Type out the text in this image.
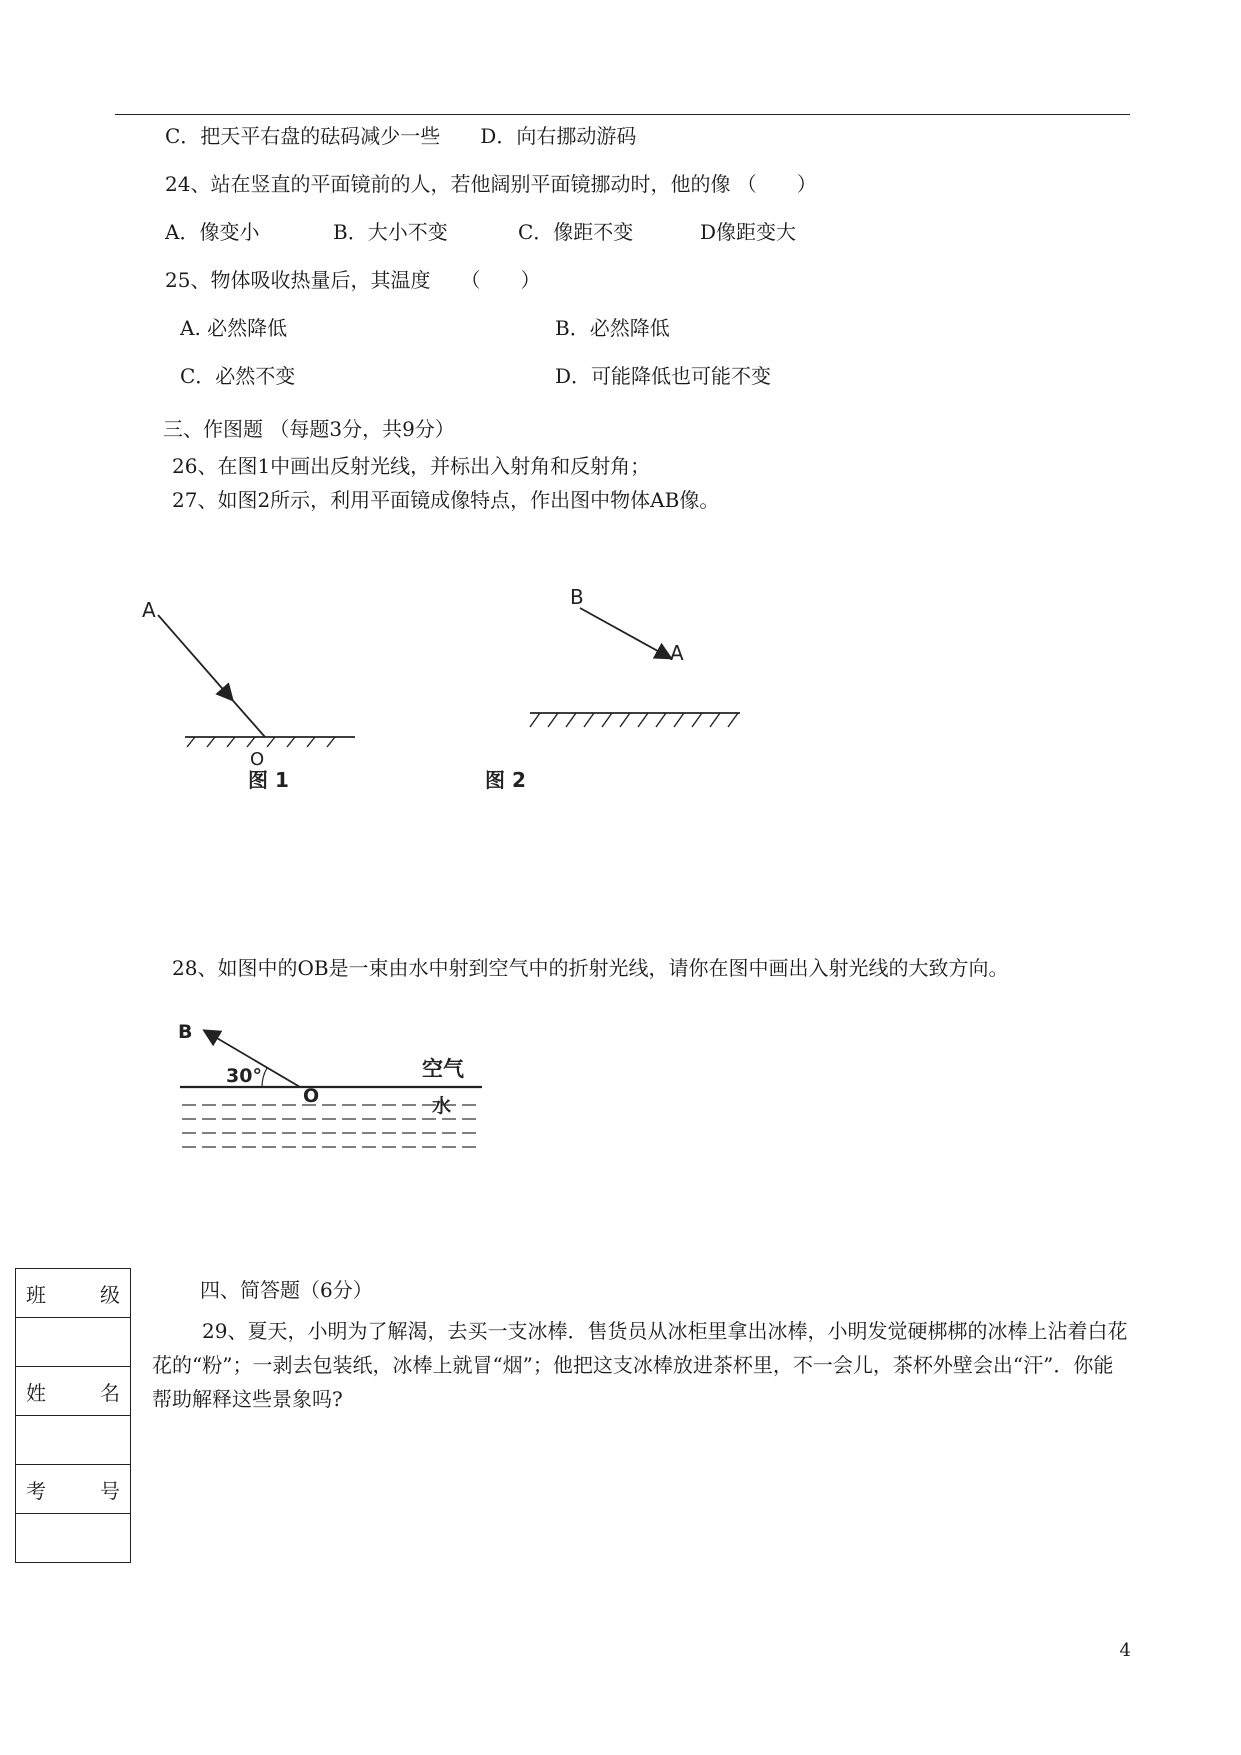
C．把天平右盘的砝码减少一些　　D．向右挪动游码
24、站在竖直的平面镜前的人，若他阔别平面镜挪动时，他的像 （　　）
A．像变小	B．大小不变	C．像距不变	D像距变大
25、物体吸收热量后，其温度　　（　　）
A. 必然降低	B．必然降低
C．必然不变	D．可能降低也可能不变
三、作图题 （每题3分，共9分）
26、在图1中画出反射光线，并标出入射角和反射角；
27、如图2所示，利用平面镜成像特点，作出图中物体AB像。
A
O
图 1
B
A
图 2
28、如图中的OB是一束由水中射到空气中的折射光线，请你在图中画出入射光线的大致方向。
B
30°
O
空气
水
班	级

姓	名

考	号

四、简答题（6分）
29、夏天，小明为了解渴，去买一支冰棒．售货员从冰柜里拿出冰棒，小明发觉硬梆梆的冰棒上沾着白花花的“粉”；一剥去包装纸，冰棒上就冒“烟”；他把这支冰棒放进茶杯里，不一会儿，茶杯外壁会出“汗”．你能帮助解释这些景象吗?
4
